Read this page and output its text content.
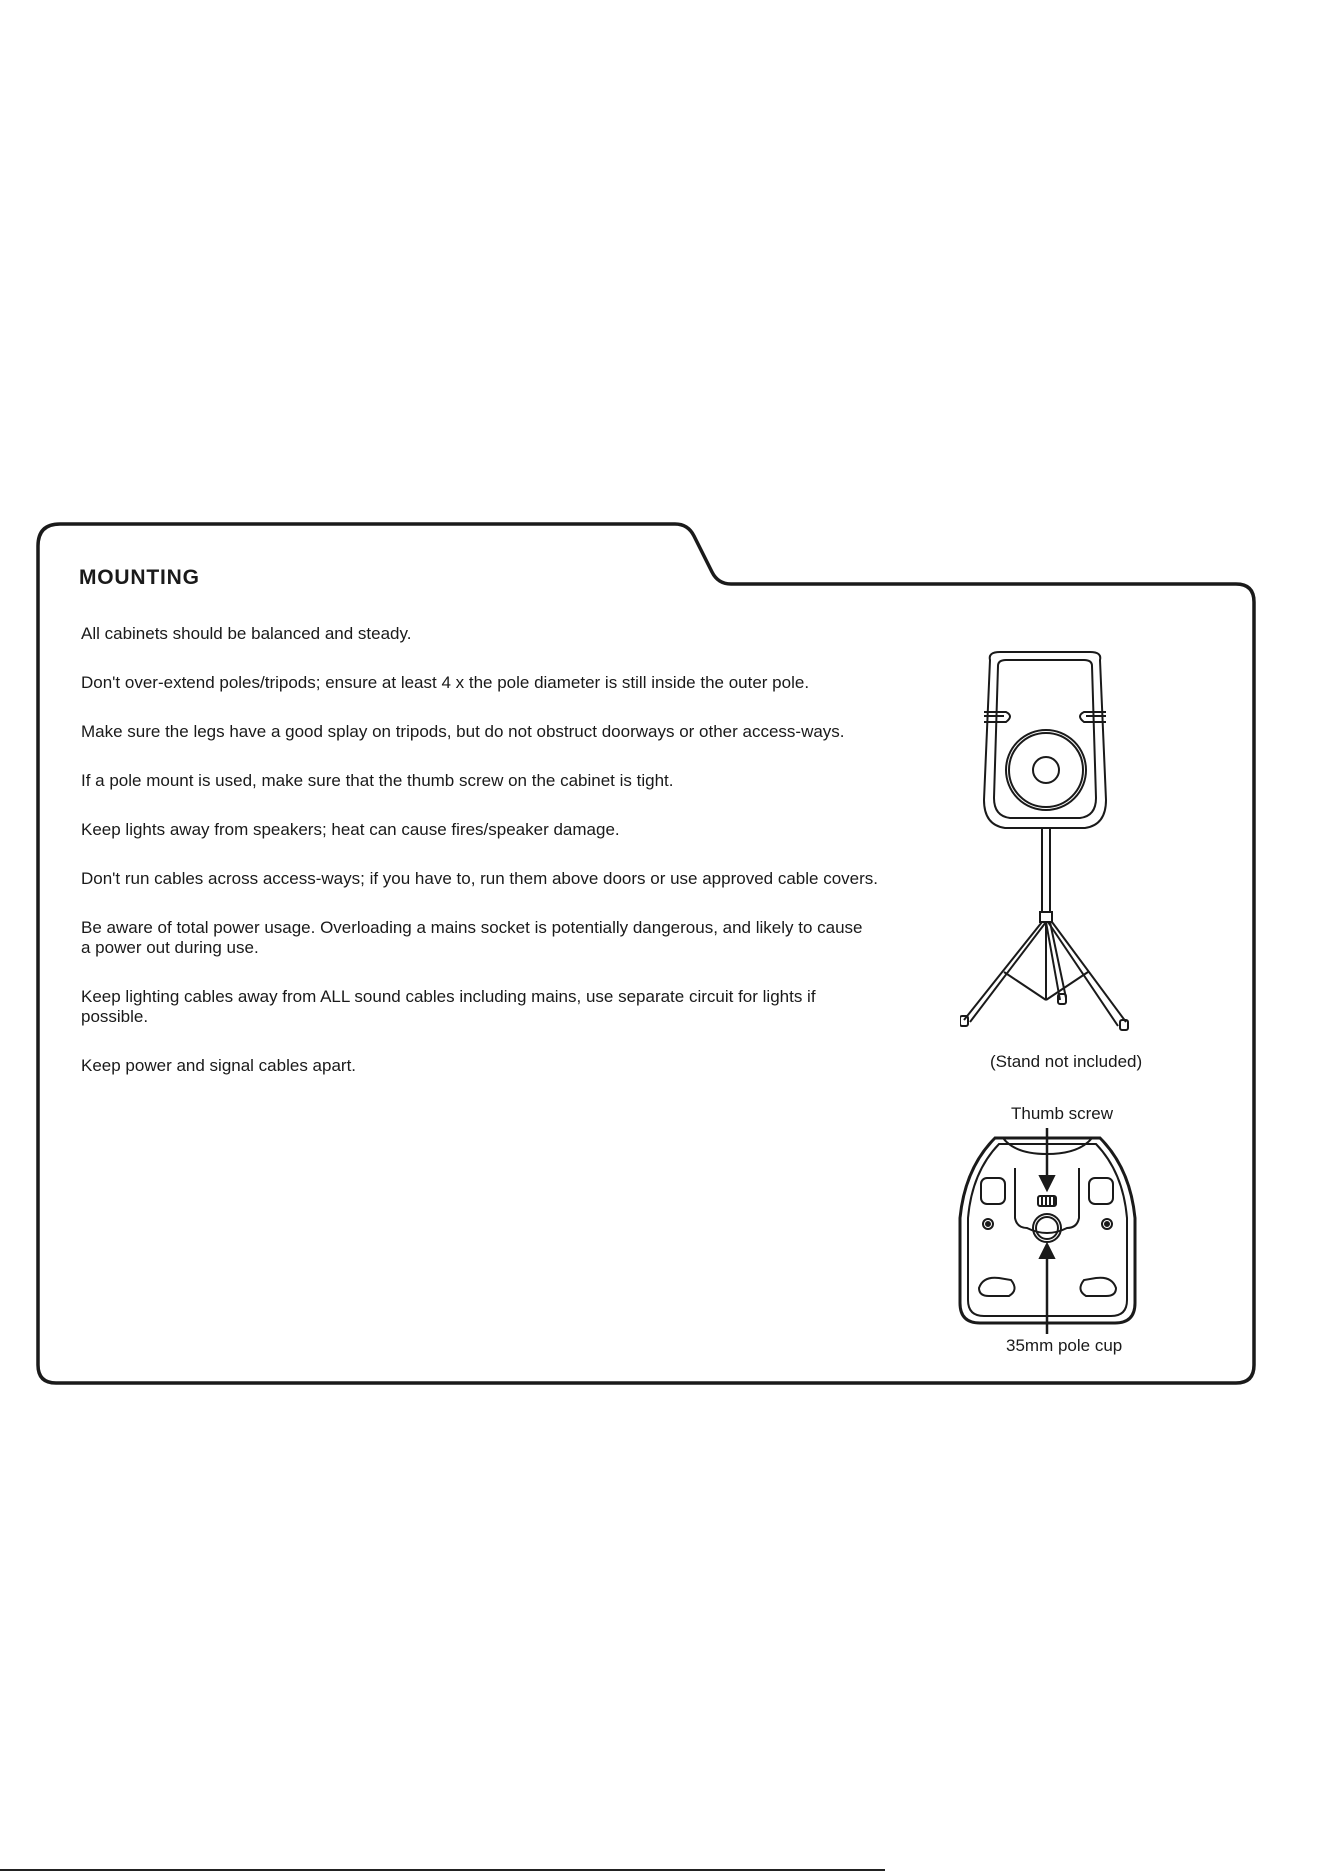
MOUNTING
All cabinets should be balanced and steady.
Don't over-extend poles/tripods; ensure at least 4 x the pole diameter is still inside the outer pole.
Make sure the legs have a good splay on tripods, but do not obstruct doorways or other access-ways.
If a pole mount is used, make sure that the thumb screw on the cabinet is tight.
Keep lights away from speakers; heat can cause fires/speaker damage.
Don't run cables across access-ways; if you have to, run them above doors or use approved cable covers.
Be aware of total power usage. Overloading a mains socket is potentially dangerous, and likely to cause a power out during use.
Keep lighting cables away from ALL sound cables including mains, use separate circuit for lights if possible.
Keep power and signal cables apart.	(Stand not included)
Thumb screw
35mm pole cup
